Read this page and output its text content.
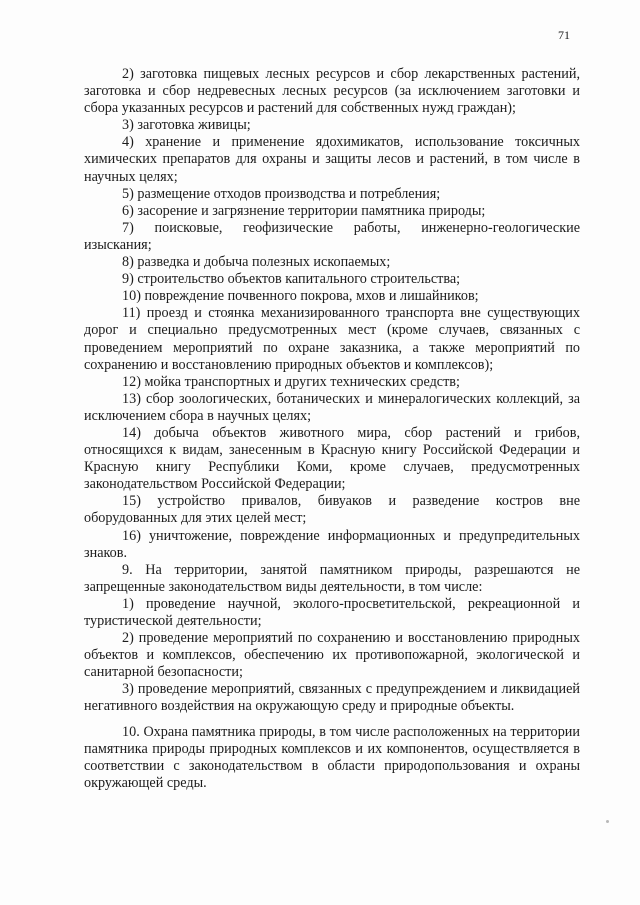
71

2) заготовка пищевых лесных ресурсов и сбор лекарственных растений, заготовка и сбор недревесных лесных ресурсов (за исключением заготовки и сбора указанных ресурсов и растений для собственных нужд граждан);

3) заготовка живицы;

4) хранение и применение ядохимикатов, использование токсичных химических препаратов для охраны и защиты лесов и растений, в том числе в научных целях;

5) размещение отходов производства и потребления;

6) засорение и загрязнение территории памятника природы;

7) поисковые, геофизические работы, инженерно-геологические изыскания;

8) разведка и добыча полезных ископаемых;

9) строительство объектов капитального строительства;

10) повреждение почвенного покрова, мхов и лишайников;

11) проезд и стоянка механизированного транспорта вне существующих дорог и специально предусмотренных мест (кроме случаев, связанных с проведением мероприятий по охране заказника, а также мероприятий по сохранению и восстановлению природных объектов и комплексов);

12) мойка транспортных и других технических средств;

13) сбор зоологических, ботанических и минералогических коллекций, за исключением сбора в научных целях;

14) добыча объектов животного мира, сбор растений и грибов, относящихся к видам, занесенным в Красную книгу Российской Федерации и Красную книгу Республики Коми, кроме случаев, предусмотренных законодательством Российской Федерации;

15) устройство привалов, бивуаков и разведение костров вне оборудованных для этих целей мест;

16) уничтожение, повреждение информационных и предупредительных знаков.

9. На территории, занятой памятником природы, разрешаются не запрещенные законодательством виды деятельности, в том числе:

1) проведение научной, эколого-просветительской, рекреационной и туристической деятельности;

2) проведение мероприятий по сохранению и восстановлению природных объектов и комплексов, обеспечению их противопожарной, экологической и санитарной безопасности;

3) проведение мероприятий, связанных с предупреждением и ликвидацией негативного воздействия на окружающую среду и природные объекты.

10. Охрана памятника природы, в том числе расположенных на территории памятника природы природных комплексов и их компонентов, осуществляется в соответствии с законодательством в области природопользования и охраны окружающей среды.
